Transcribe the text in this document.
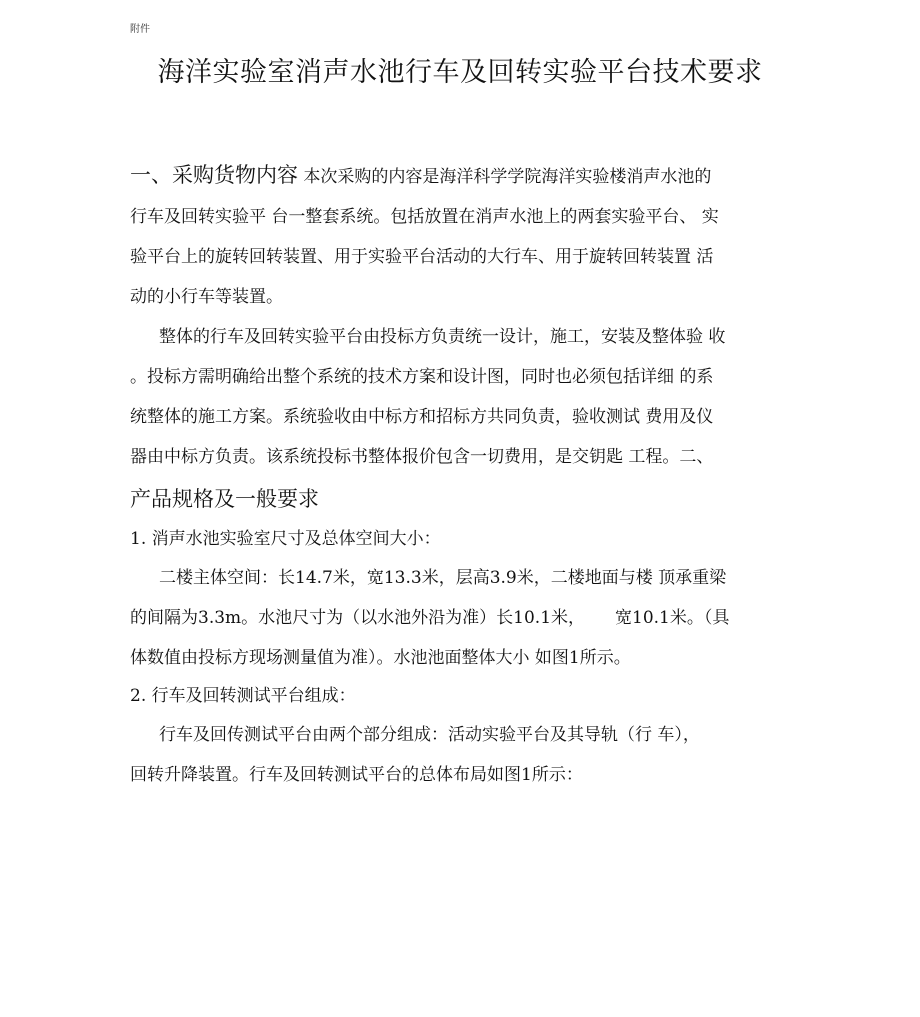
附件
海洋实验室消声水池行车及回转实验平台技术要求
一、采购货物内容 本次采购的内容是海洋科学学院海洋实验楼消声水池的
行车及回转实验平 台一整套系统。包括放置在消声水池上的两套实验平台、 实
验平台上的旋转回转装置、用于实验平台活动的大行车、用于旋转回转装置 活
动的小行车等装置。
整体的行车及回转实验平台由投标方负责统一设计，施工，安装及整体验 收
。投标方需明确给出整个系统的技术方案和设计图，同时也必须包括详细 的系
统整体的施工方案。系统验收由中标方和招标方共同负责，验收测试 费用及仪
器由中标方负责。该系统投标书整体报价包含一切费用，是交钥匙 工程。二、
产品规格及一般要求
1. 消声水池实验室尺寸及总体空间大小：
二楼主体空间：长14.7米，宽13.3米，层高3.9米，二楼地面与楼 顶承重梁
的间隔为3.3m。水池尺寸为（以水池外沿为准）长10.1米， 宽10.1米。（具
体数值由投标方现场测量值为准）。水池池面整体大小 如图1所示。
2. 行车及回转测试平台组成：
行车及回传测试平台由两个部分组成：活动实验平台及其导轨（行 车），
回转升降装置。行车及回转测试平台的总体布局如图1所示：
